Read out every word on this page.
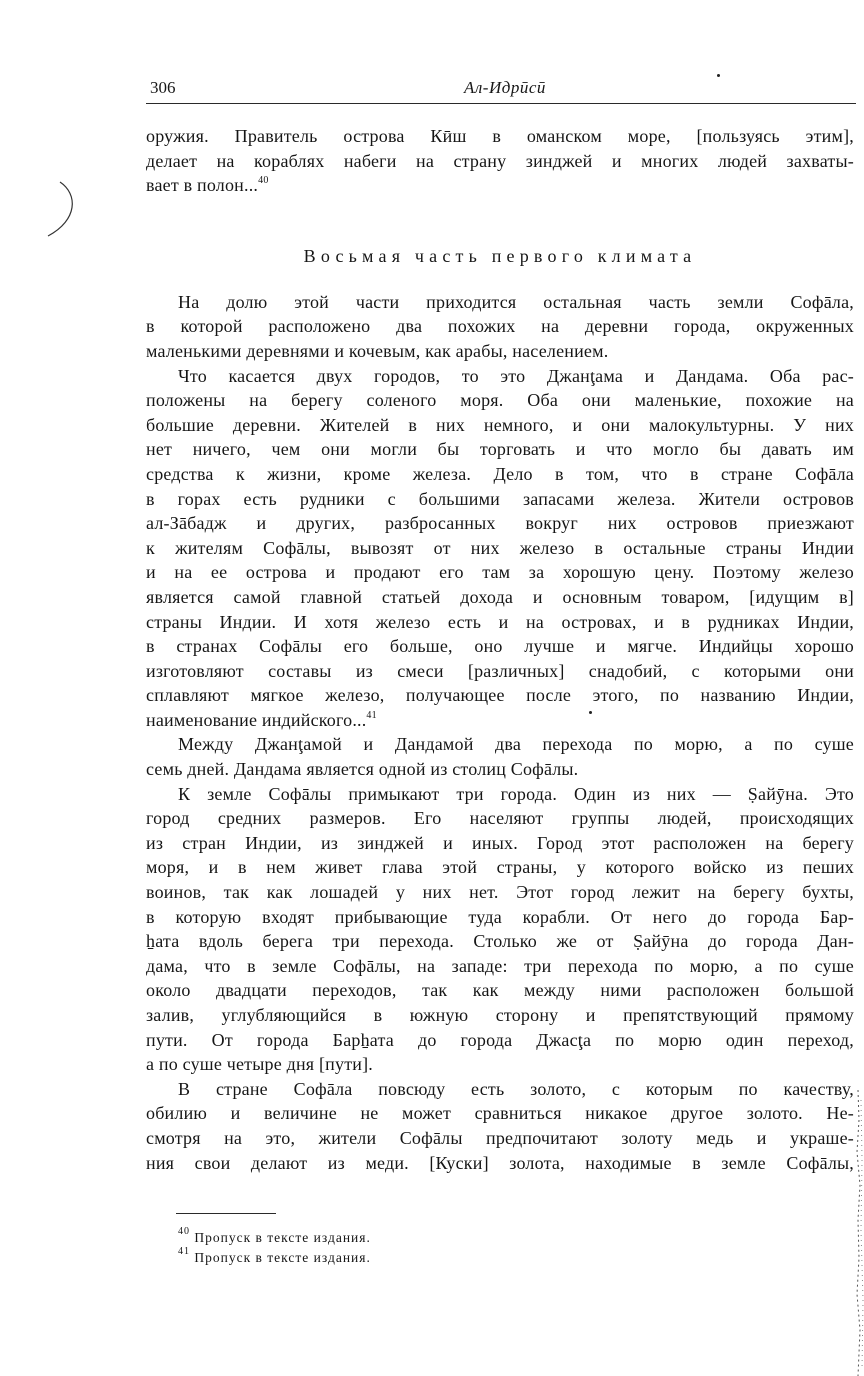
306	Ал-Идрӣсӣ
оружия. Правитель острова Кӣш в оманском море, [пользуясь этим],
делает на кораблях набеги на страну зинджей и многих людей захваты-
вает в полон...$^{40}$
Восьмая часть первого климата
На долю этой части приходится остальная часть земли Софāла,
в которой расположено два похожих на деревни города, окруженных
маленькими деревнями и кочевым, как арабы, населением.
Что касается двух городов, то это Джанţама и Дандама. Оба рас-
положены на берегу соленого моря. Оба они маленькие, похожие на
большие деревни. Жителей в них немного, и они малокультурны. У них
нет ничего, чем они могли бы торговать и что могло бы давать им
средства к жизни, кроме железа. Дело в том, что в стране Софāла
в горах есть рудники с большими запасами железа. Жители островов
ал-Зāбадж и других, разбросанных вокруг них островов приезжают
к жителям Софāлы, вывозят от них железо в остальные страны Индии
и на ее острова и продают его там за хорошую цену. Поэтому железо
является самой главной статьей дохода и основным товаром, [идущим в]
страны Индии. И хотя железо есть и на островах, и в рудниках Индии,
в странах Софāлы его больше, оно лучше и мягче. Индийцы хорошо
изготовляют составы из смеси [различных] снадобий, с которыми они
сплавляют мягкое железо, получающее после этого, по названию Индии,
наименование индийского...$^{41}$
Между Джанţамой и Дандамой два перехода по морю, а по суше
семь дней. Дандама является одной из столиц Софāлы.
К земле Софāлы примыкают три города. Один из них — Ṣайӯна. Это
город средних размеров. Его населяют группы людей, происходящих
из стран Индии, из зинджей и иных. Город этот расположен на берегу
моря, и в нем живет глава этой страны, у которого войско из пеших
воинов, так как лошадей у них нет. Этот город лежит на берегу бухты,
в которую входят прибывающие туда корабли. От него до города Бар-
ẖата вдоль берега три перехода. Столько же от Ṣайӯна до города Дан-
дама, что в земле Софāлы, на западе: три перехода по морю, а по суше
около двадцати переходов, так как между ними расположен большой
залив, углубляющийся в южную сторону и препятствующий прямому
пути. От города Барẖата до города Джасţа по морю один переход,
а по суше четыре дня [пути].
В стране Софāла повсюду есть золото, с которым по качеству,
обилию и величине не может сравниться никакое другое золото. Не-
смотря на это, жители Софāлы предпочитают золоту медь и украше-
ния свои делают из меди. [Куски] золота, находимые в земле Софāлы,
$^{40}$ Пропуск в тексте издания.
$^{41}$ Пропуск в тексте издания.
